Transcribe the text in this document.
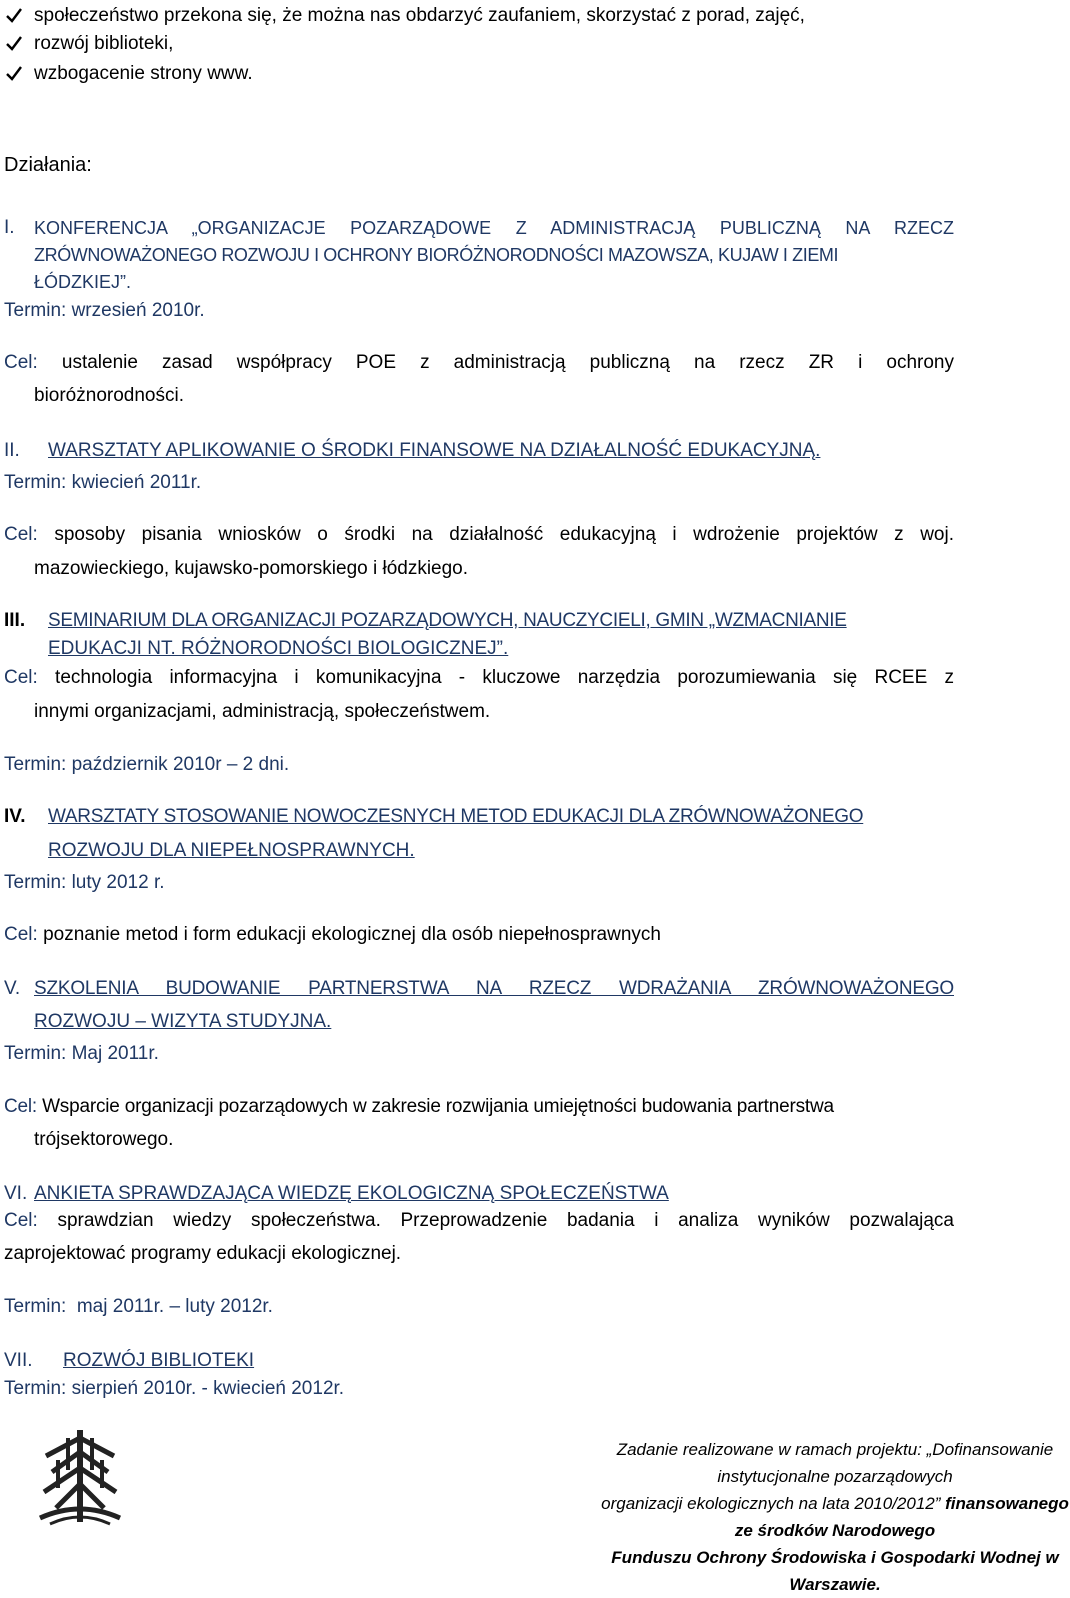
społeczeństwo przekona się, że można nas obdarzyć zaufaniem, skorzystać z porad, zajęć,
rozwój biblioteki,
wzbogacenie strony www.
Działania:
I. KONFERENCJA „ORGANIZACJE POZARZĄDOWE Z ADMINISTRACJĄ PUBLICZNĄ NA RZECZ
ZRÓWNOWAŻONEGO ROZWOJU I OCHRONY BIORÓŻNORODNOŚCI MAZOWSZA, KUJAW I ZIEMI
ŁÓDZKIEJ”.
Termin: wrzesień 2010r.
Cel: ustalenie zasad współpracy POE z administracją publiczną na rzecz ZR i ochrony
bioróżnorodności.
II. WARSZTATY APLIKOWANIE O ŚRODKI FINANSOWE NA DZIAŁALNOŚĆ EDUKACYJNĄ.
Termin: kwiecień 2011r.
Cel: sposoby pisania wniosków o środki na działalność edukacyjną i wdrożenie projektów z woj.
mazowieckiego, kujawsko-pomorskiego i łódzkiego.
III. SEMINARIUM DLA ORGANIZACJI POZARZĄDOWYCH, NAUCZYCIELI, GMIN „WZMACNIANIE
EDUKACJI NT. RÓŻNORODNOŚCI BIOLOGICZNEJ”.
Cel: technologia informacyjna i komunikacyjna - kluczowe narzędzia porozumiewania się RCEE z
innymi organizacjami, administracją, społeczeństwem.
Termin: październik 2010r – 2 dni.
IV. WARSZTATY STOSOWANIE NOWOCZESNYCH METOD EDUKACJI DLA ZRÓWNOWAŻONEGO
ROZWOJU DLA NIEPEŁNOSPRAWNYCH.
Termin: luty 2012 r.
Cel: poznanie metod i form edukacji ekologicznej dla osób niepełnosprawnych
V. SZKOLENIA BUDOWANIE PARTNERSTWA NA RZECZ WDRAŻANIA ZRÓWNOWAŻONEGO
ROZWOJU – WIZYTA STUDYJNA.
Termin: Maj 2011r.
Cel: Wsparcie organizacji pozarządowych w zakresie rozwijania umiejętności budowania partnerstwa
trójsektorowego.
VI. ANKIETA SPRAWDZAJĄCA WIEDZĘ EKOLOGICZNĄ SPOŁECZEŃSTWA
Cel: sprawdzian wiedzy społeczeństwa. Przeprowadzenie badania i analiza wyników pozwalająca
zaprojektować programy edukacji ekologicznej.
Termin:  maj 2011r. – luty 2012r.
VII. ROZWÓJ BIBLIOTEKI
Termin: sierpień 2010r. - kwiecień 2012r.
Zadanie realizowane w ramach projektu: „Dofinansowanie instytucjonalne pozarządowych
organizacji ekologicznych na lata 2010/2012” finansowanego ze środków Narodowego
Funduszu Ochrony Środowiska i Gospodarki Wodnej w Warszawie.
